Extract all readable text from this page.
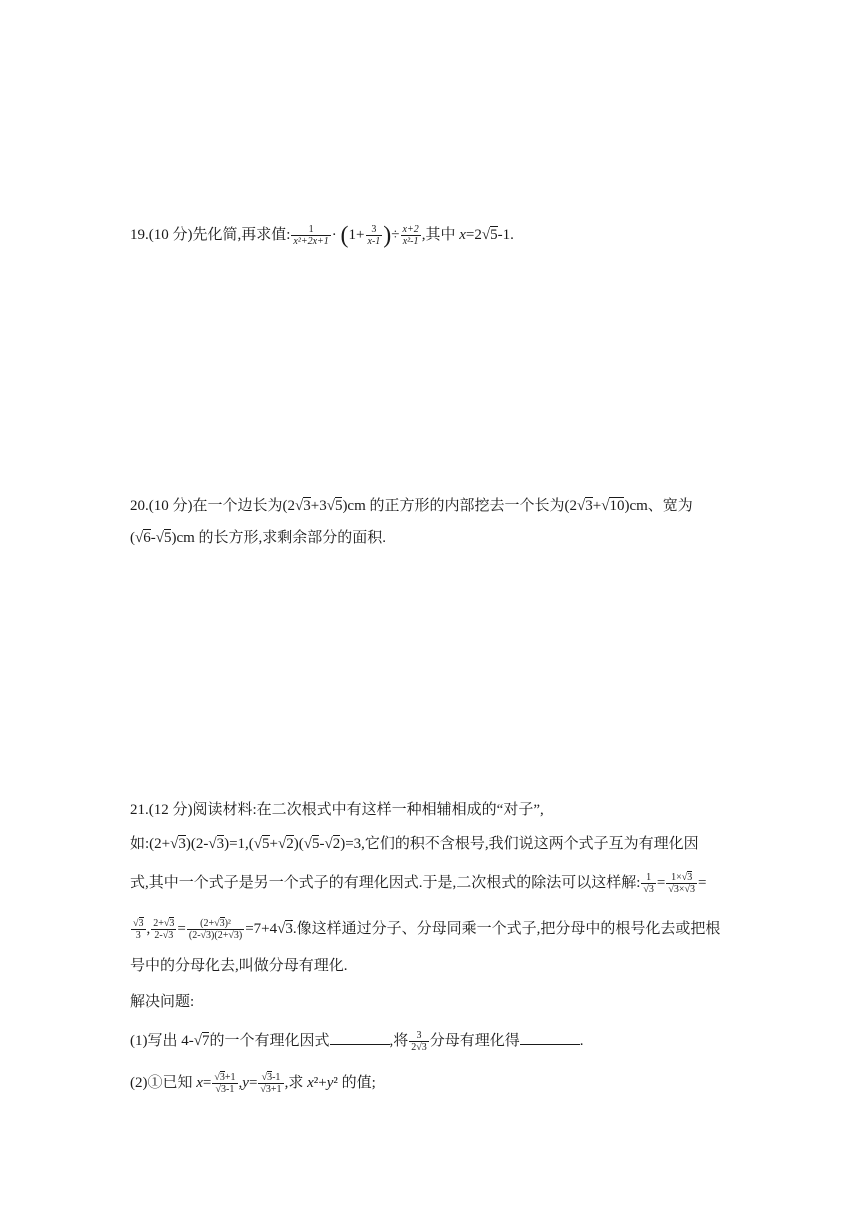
19.(10 分)先化简,再求值: $\frac{1}{\text{x²+2x+1}} \cdot (1+ \frac{3}{x-1}$ )÷ $\frac{x+2}{\text{x²-1}}$ ,其中 x=2√5-1.
20.(10 分)在一个边长为(2√3+3√5)cm 的正方形的内部挖去一个长为(2√3+√10)cm、宽为
(√6-√5)cm 的长方形,求剩余部分的面积.
21.(12 分)阅读材料:在二次根式中有这样一种相辅相成的“对子”,
如:(2+√3)(2-√3)=1,(√5+√2)(√5-√2)=3,它们的积不含根号,我们说这两个式子互为有理化因
式,其中一个式子是另一个式子的有理化因式.于是,二次根式的除法可以这样解: $\frac{1}{√3} = \frac{1\times√3}{√3\times√3}$ =
$\frac{√3}{3}$ , $\frac{2+√3}{2-√3} = \frac{\text{(2+√3)²}}{(2-√3)(2+√3)} =7+4√3$.像这样通过分子、分母同乘一个式子,把分母中的根号化去或把根
号中的分母化去,叫做分母有理化.
解决问题:
(1)写出 4-√7的一个有理化因式	,将 $\frac{3}{2√3}$ 分母有理化得	.
(2)①已知 $x= \frac{√3+1}{√3-1} ,y= \frac{√3-1}{√3+1}$ ,求 x²+y² 的值;
